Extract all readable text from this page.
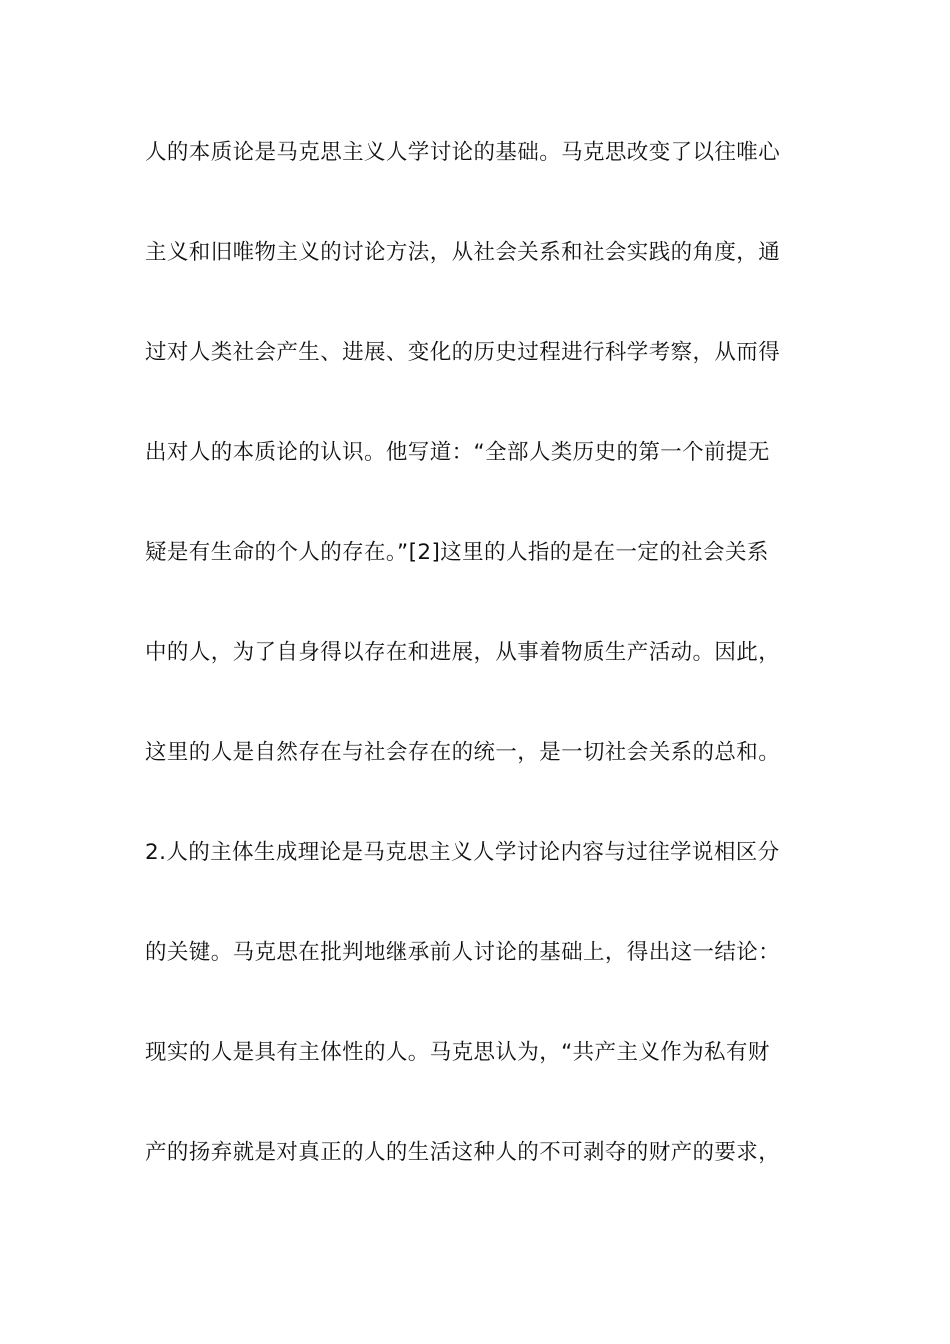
人的本质论是马克思主义人学讨论的基础。马克思改变了以往唯心
主义和旧唯物主义的讨论方法，从社会关系和社会实践的角度，通
过对人类社会产生、进展、变化的历史过程进行科学考察，从而得
出对人的本质论的认识。他写道：“全部人类历史的第一个前提无
疑是有生命的个人的存在。”[2]这里的人指的是在一定的社会关系
中的人，为了自身得以存在和进展，从事着物质生产活动。因此，
这里的人是自然存在与社会存在的统一，是一切社会关系的总和。
2.人的主体生成理论是马克思主义人学讨论内容与过往学说相区分
的关键。马克思在批判地继承前人讨论的基础上，得出这一结论：
现实的人是具有主体性的人。马克思认为，“共产主义作为私有财
产的扬弃就是对真正的人的生活这种人的不可剥夺的财产的要求，
